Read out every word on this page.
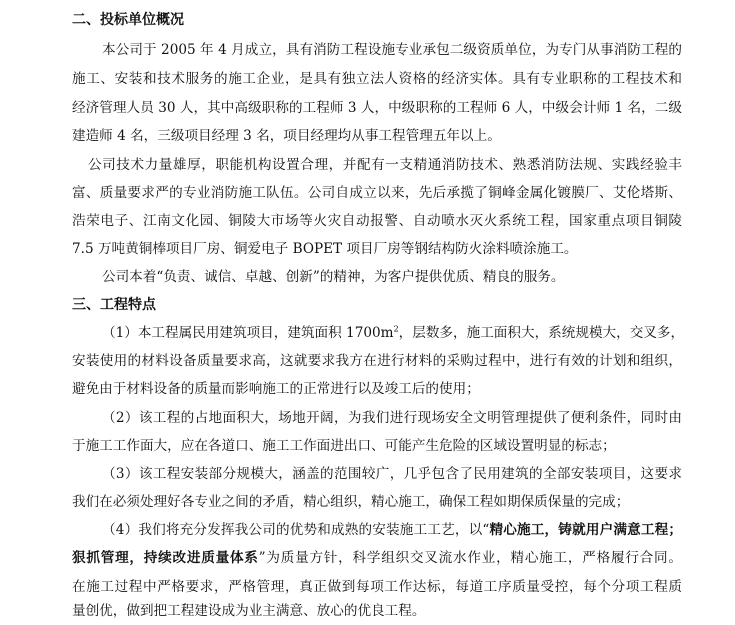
二、投标单位概况
本公司于 2005 年 4 月成立，具有消防工程设施专业承包二级资质单位，为专门从事消防工程的
施工、安装和技术服务的施工企业，是具有独立法人资格的经济实体。具有专业职称的工程技术和
经济管理人员 30 人，其中高级职称的工程师 3 人，中级职称的工程师 6 人，中级会计师 1 名，二级
建造师 4 名，三级项目经理 3 名，项目经理均从事工程管理五年以上。
公司技术力量雄厚，职能机构设置合理，并配有一支精通消防技术、熟悉消防法规、实践经验丰
富、质量要求严的专业消防施工队伍。公司自成立以来，先后承揽了铜峰金属化镀膜厂、艾伦塔斯、
浩荣电子、江南文化园、铜陵大市场等火灾自动报警、自动喷水灭火系统工程，国家重点项目铜陵
7.5 万吨黄铜棒项目厂房、铜爱电子 BOPET 项目厂房等钢结构防火涂料喷涂施工。
公司本着“负责、诚信、卓越、创新”的精神，为客户提供优质、精良的服务。
三、工程特点
（1）本工程属民用建筑项目，建筑面积 $1700m^2$，层数多，施工面积大，系统规模大，交叉多，
安装使用的材料设备质量要求高，这就要求我方在进行材料的采购过程中，进行有效的计划和组织，
避免由于材料设备的质量而影响施工的正常进行以及竣工后的使用；
（2）该工程的占地面积大，场地开阔，为我们进行现场安全文明管理提供了便利条件，同时由
于施工工作面大，应在各道口、施工工作面进出口、可能产生危险的区域设置明显的标志；
（3）该工程安装部分规模大，涵盖的范围较广，几乎包含了民用建筑的全部安装项目，这要求
我们在必须处理好各专业之间的矛盾，精心组织，精心施工，确保工程如期保质保量的完成；
（4）我们将充分发挥我公司的优势和成熟的安装施工工艺，以“精心施工，铸就用户满意工程；
狠抓管理，持续改进质量体系”为质量方针，科学组织交叉流水作业，精心施工，严格履行合同。
在施工过程中严格要求，严格管理，真正做到每项工作达标，每道工序质量受控，每个分项工程质
量创优，做到把工程建设成为业主满意、放心的优良工程。
